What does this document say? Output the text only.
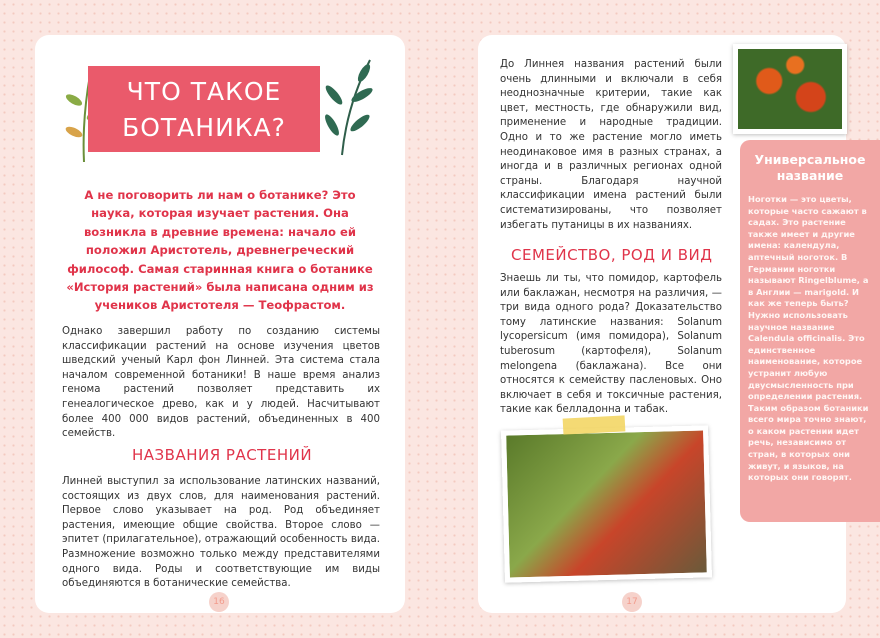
ЧТО ТАКОЕ
БОТАНИКА?

А не поговорить ли нам о ботанике? Это наука, которая изучает растения. Она возникла в древние времена: начало ей положил Аристотель, древнегреческий философ. Самая старинная книга о ботанике «История растений» была написана одним из учеников Аристотеля — Теофрастом.

Однако завершил работу по созданию системы классификации растений на основе изучения цветов шведский ученый Карл фон Линней. Эта система стала началом современной ботаники! В наше время анализ генома растений позволяет представить их генеалогическое древо, как и у людей. Насчитывают более 400 000 видов растений, объединенных в 400 семейств.

НАЗВАНИЯ РАСТЕНИЙ

Линней выступил за использование латинских названий, состоящих из двух слов, для наименования растений. Первое слово указывает на род. Род объединяет растения, имеющие общие свойства. Второе слово — эпитет (прилагательное), отражающий особенность вида. Размножение возможно только между представителями одного вида. Роды и соответствующие им виды объединяются в ботанические семейства.

16

До Линнея названия растений были очень длинными и включали в себя неоднозначные критерии, такие как цвет, местность, где обнаружили вид, применение и народные традиции. Одно и то же растение могло иметь неодинаковое имя в разных странах, а иногда и в различных регионах одной страны. Благодаря научной классификации имена растений были систематизированы, что позволяет избегать путаницы в их названиях.

СЕМЕЙСТВО, РОД И ВИД

Знаешь ли ты, что помидор, картофель или баклажан, несмотря на различия, — три вида одного рода? Доказательство тому латинские названия: Solanum lycopersicum (имя помидора), Solanum tuberosum (картофеля), Solanum melongena (баклажана). Все они относятся к семейству пасленовых. Оно включает в себя и токсичные растения, такие как белладонна и табак.

17
Универсальное название

Ноготки — это цветы, которые часто сажают в садах. Это растение также имеет и другие имена: календула, аптечный ноготок. В Германии ноготки называют Ringelblume, а в Англии — marigold. И как же теперь быть? Нужно использовать научное название Calendula officinalis. Это единственное наименование, которое устранит любую двусмысленность при определении растения. Таким образом ботаники всего мира точно знают, о каком растении идет речь, независимо от стран, в которых они живут, и языков, на которых они говорят.
